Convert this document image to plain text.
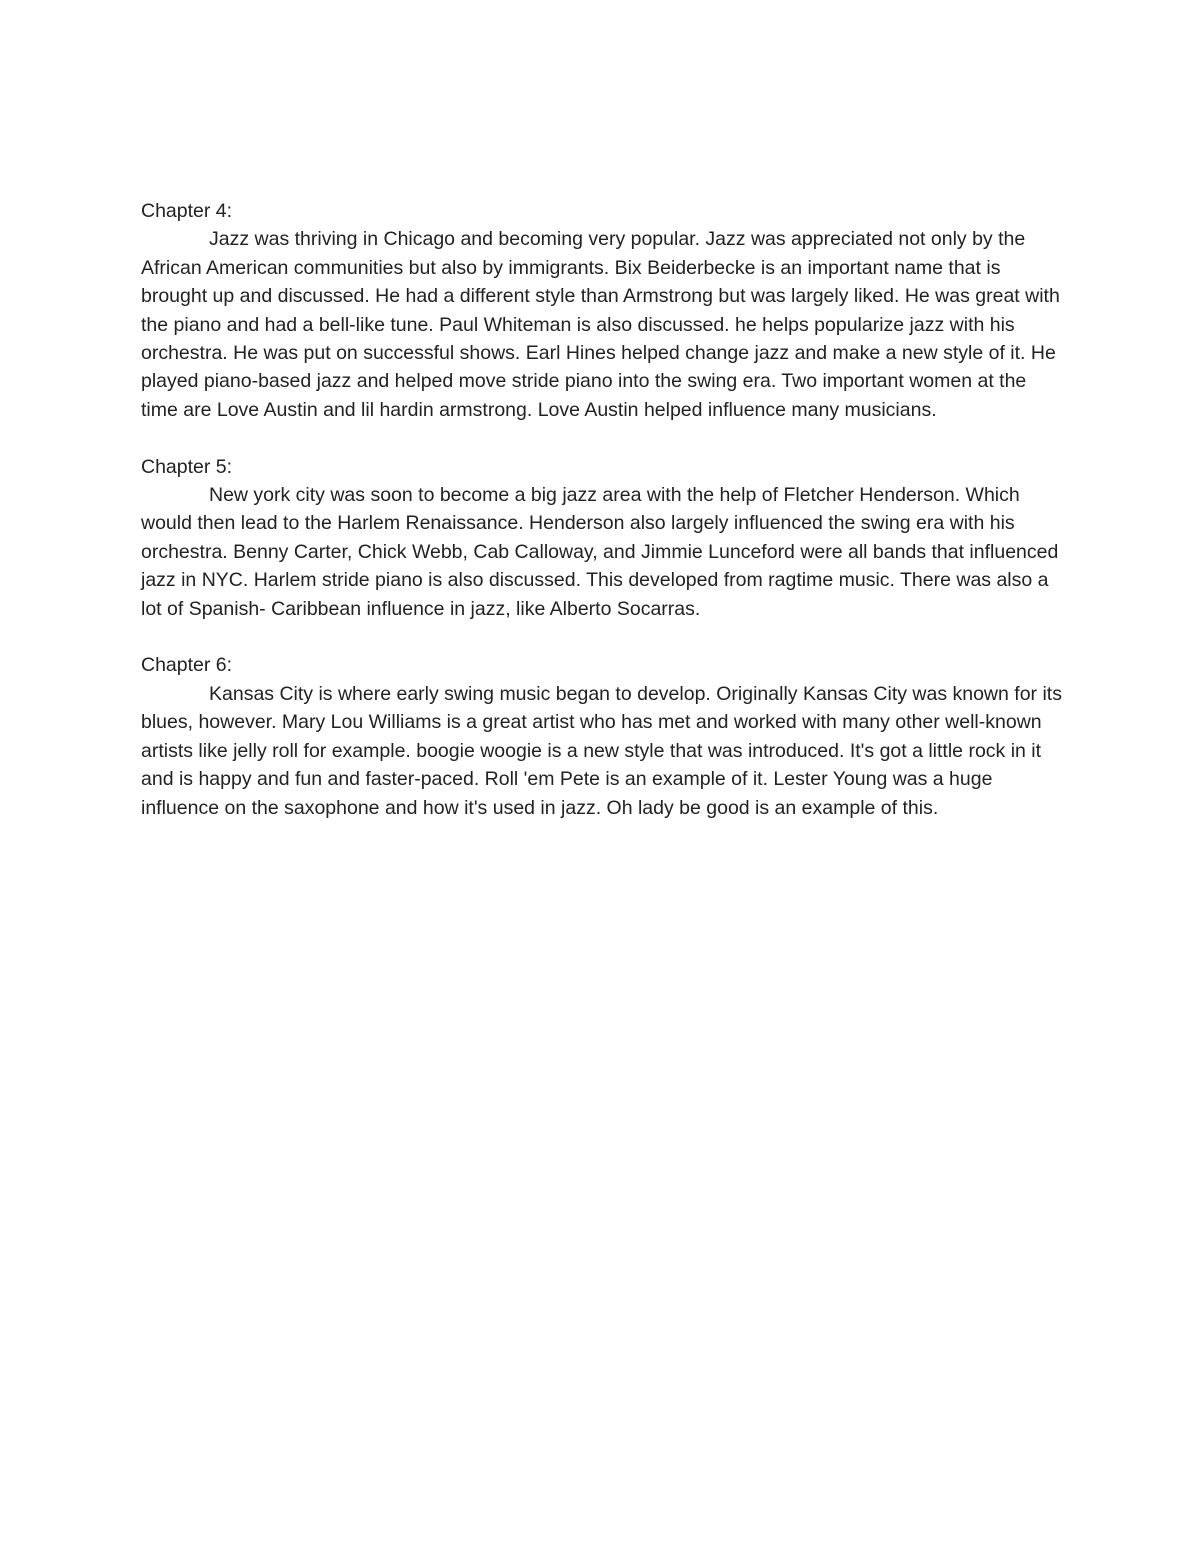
Chapter 4:

Jazz was thriving in Chicago and becoming very popular. Jazz was appreciated not only by the African American communities but also by immigrants. Bix Beiderbecke is an important name that is brought up and discussed. He had a different style than Armstrong but was largely liked. He was great with the piano and had a bell-like tune. Paul Whiteman is also discussed. he helps popularize jazz with his orchestra. He was put on successful shows. Earl Hines helped change jazz and make a new style of it. He played piano-based jazz and helped move stride piano into the swing era. Two important women at the time are Love Austin and lil hardin armstrong. Love Austin helped influence many musicians.

Chapter 5:

New york city was soon to become a big jazz area with the help of Fletcher Henderson. Which would then lead to the Harlem Renaissance. Henderson also largely influenced the swing era with his orchestra. Benny Carter, Chick Webb, Cab Calloway, and Jimmie Lunceford were all bands that influenced jazz in NYC. Harlem stride piano is also discussed. This developed from ragtime music. There was also a lot of Spanish- Caribbean influence in jazz, like Alberto Socarras.

Chapter 6:

Kansas City is where early swing music began to develop. Originally Kansas City was known for its blues, however. Mary Lou Williams is a great artist who has met and worked with many other well-known artists like jelly roll for example. boogie woogie is a new style that was introduced. It's got a little rock in it and is happy and fun and faster-paced. Roll 'em Pete is an example of it. Lester Young was a huge influence on the saxophone and how it's used in jazz. Oh lady be good is an example of this.
